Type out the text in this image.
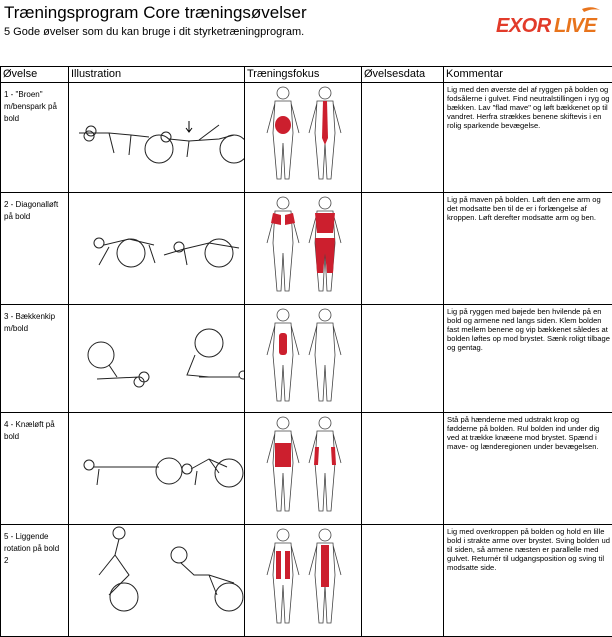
Træningsprogram Core træningsøvelser
5 Gode øvelser som du kan bruge i dit styrketræningprogram.	EXOR LIVE
Øvelse	Illustration	Træningsfokus	Øvelsesdata	Kommentar
1 - "Broen" m/benspark på bold				Lig med den øverste del af ryggen på bolden og fodsålerne i gulvet. Find neutralstillingen i ryg og bækken. Lav "flad mave" og løft bækkenet op til vandret. Herfra strækkes benene skiftevis i en rolig sparkende bevægelse.
2 - Diagonalløft på bold				Lig på maven på bolden. Løft den ene arm og det modsatte ben til de er i forlængelse af kroppen. Løft derefter modsatte arm og ben.
3 - Bækkenkip m/bold				Lig på ryggen med bøjede ben hvilende på en bold og armene ned langs siden. Klem bolden fast mellem benene og vip bækkenet således at bolden løftes op mod brystet. Sænk roligt tilbage og gentag.
4 - Knæløft på bold				Stå på hænderne med udstrakt krop og fødderne på bolden. Rul bolden ind under dig ved at trække knæene mod brystet. Spænd i mave- og lænderegionen under bevægelsen.
5 - Liggende rotation på bold 2				Lig med overkroppen på bolden og hold en lille bold i strakte arme over brystet. Sving bolden ud til siden, så armene næsten er parallelle med gulvet. Returnér til udgangsposition og sving til modsatte side.
